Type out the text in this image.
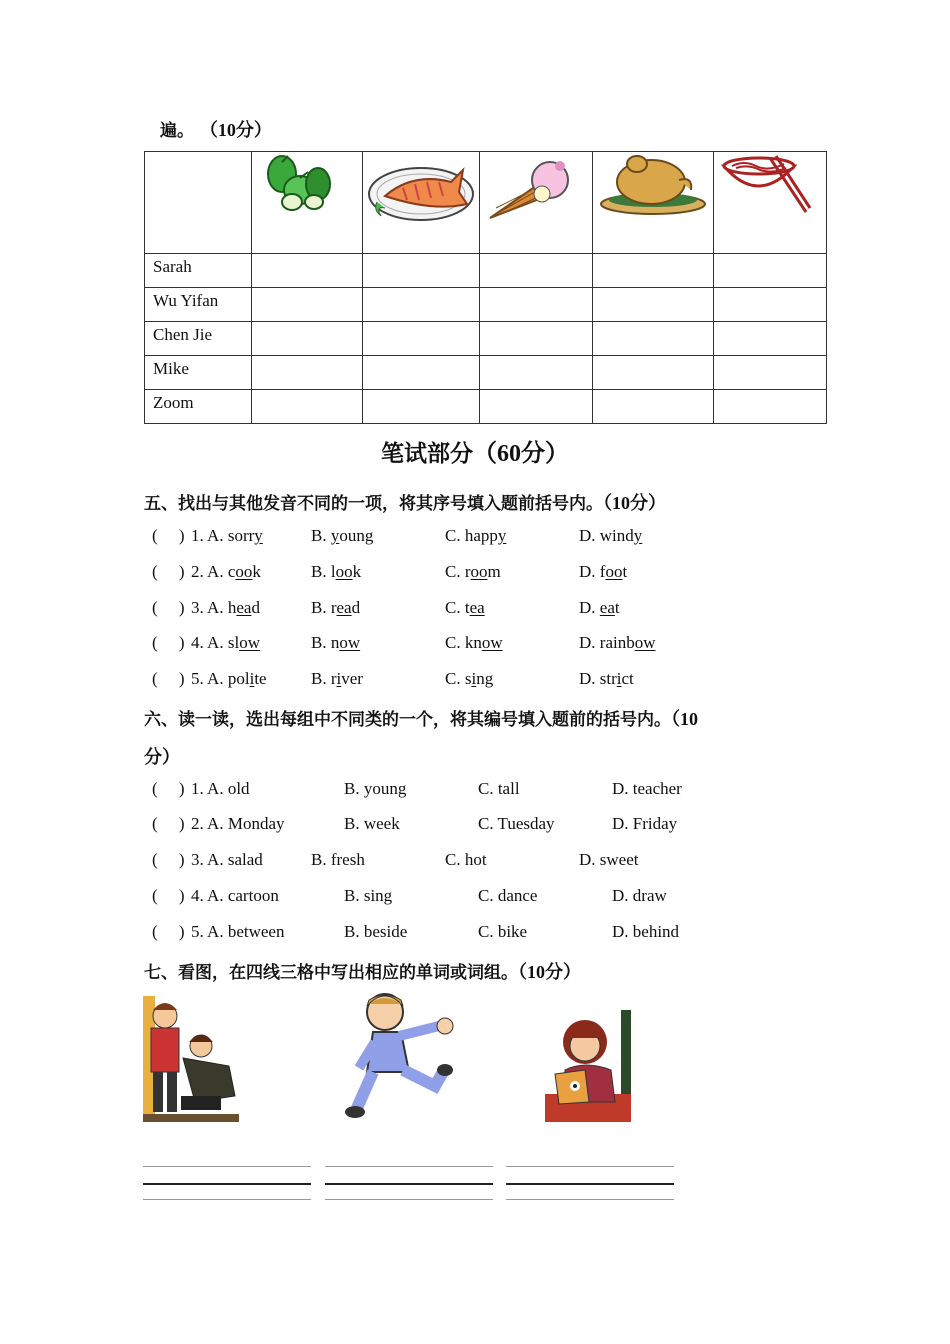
遍。 （10分）

Sarah					
Wu Yifan					
Chen Jie					
Mike					
Zoom					
笔试部分（60分）
五、找出与其他发音不同的一项，将其序号填入题前括号内。（10分）
(     ) 1. A. sorry	B. young	C. happy	D. windy
(     ) 2. A. cook	B. look	C. room	D. foot
(     ) 3. A. head	B. read	C. tea	D. eat
(     ) 4. A. slow	B. now	C. know	D. rainbow
(     ) 5. A. polite	B. river	C. sing	D. strict
六、读一读，选出每组中不同类的一个，将其编号填入题前的括号内。（10
分）
(     ) 1. A. old	B. young	C. tall	D. teacher
(     ) 2. A. Monday	B. week	C. Tuesday	D. Friday
(     ) 3. A. salad	B. fresh	C. hot	D. sweet
(     ) 4. A. cartoon	B. sing	C. dance	D. draw
(     ) 5. A. between	B. beside	C. bike	D. behind
七、看图，在四线三格中写出相应的单词或词组。（10分）
